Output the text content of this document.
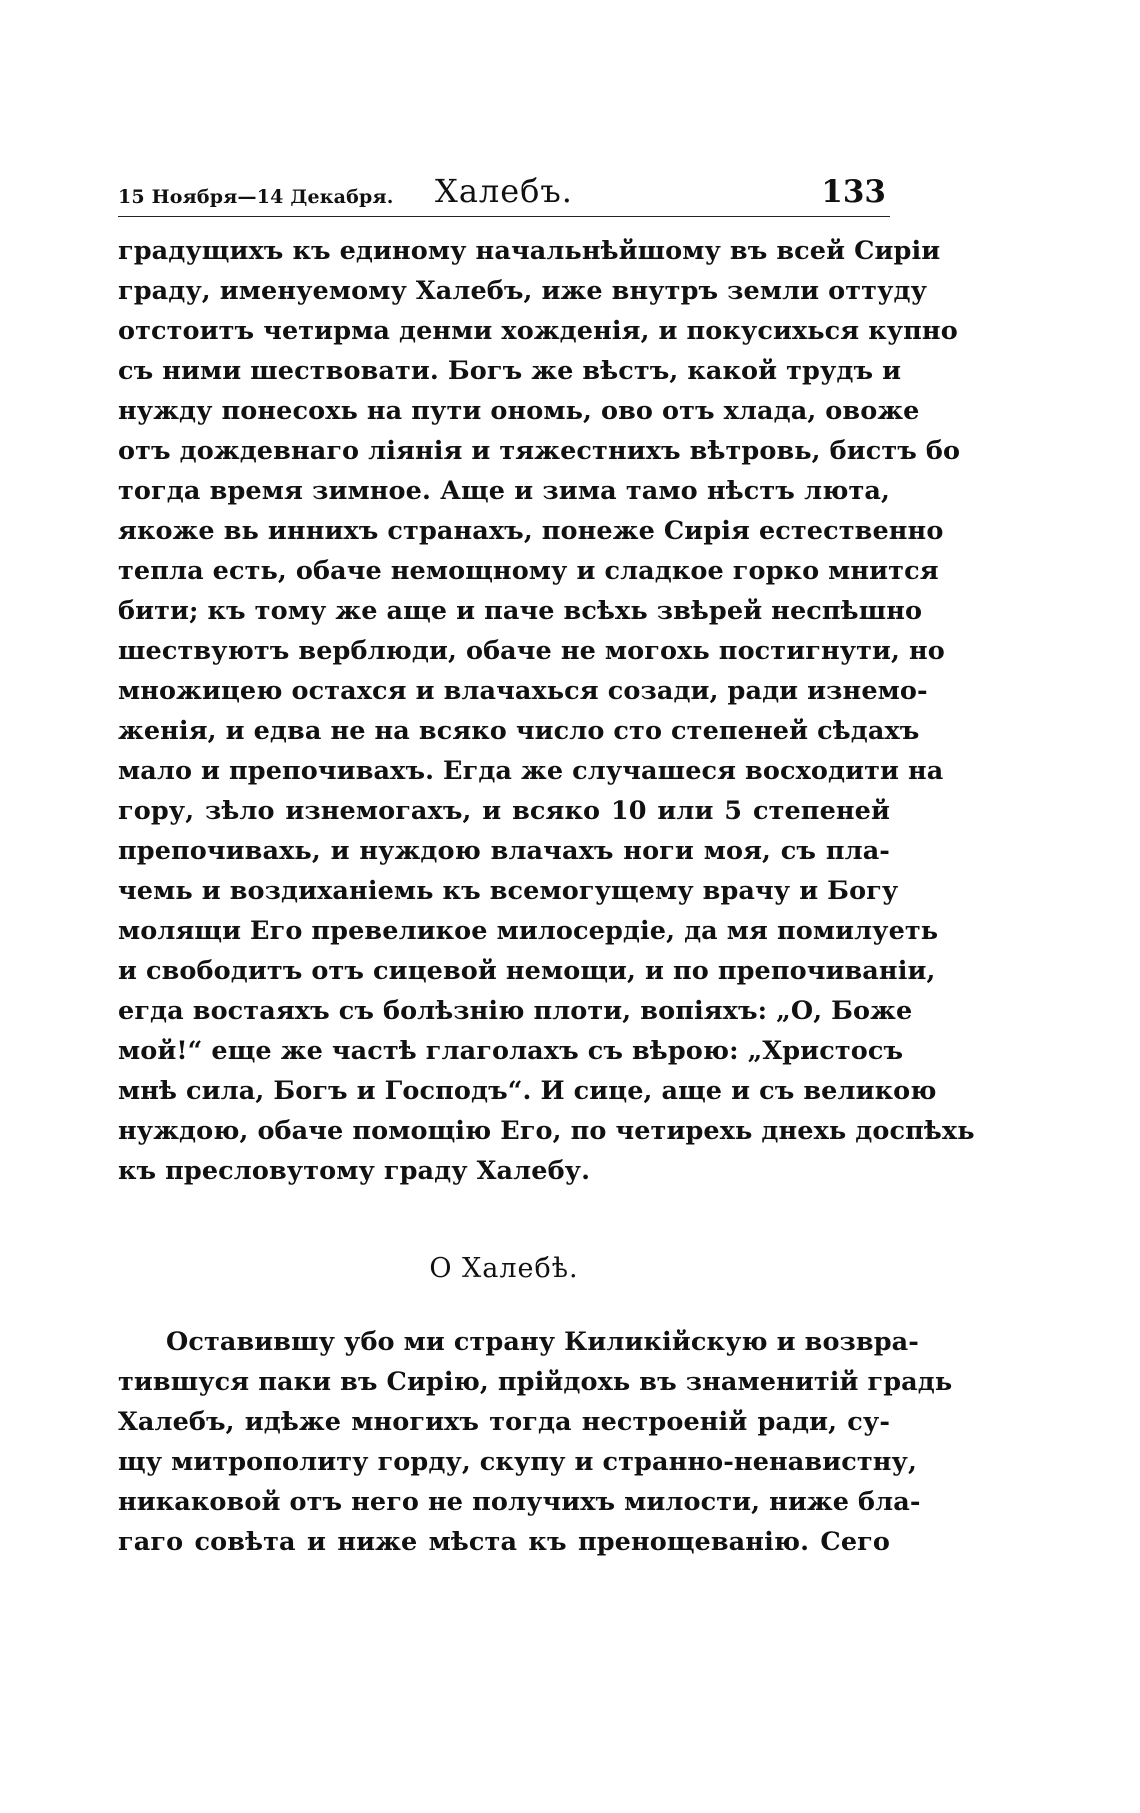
15 Ноября—14 Декабря.	Халебъ.	133
градущихъ къ единому начальнѣйшому въ всей Сиріи
граду, именуемому Халебъ, иже внутръ земли оттуду
отстоитъ четирма денми хожденія, и покусихься купно
съ ними шествовати. Богъ же вѣстъ, какой трудъ и
нужду понесохь на пути ономь, ово отъ хлада, овоже
отъ дождевнаго ліянія и тяжестнихъ вѣтровь, бистъ бо
тогда время зимное. Аще и зима тамо нѣстъ люта,
якоже вь иннихъ странахъ, понеже Сирія естественно
тепла есть, обаче немощному и сладкое горко мнится
бити; къ тому же аще и паче всѣхь звѣрей неспѣшно
шествуютъ верблюди, обаче не могохь постигнути, но
множицею остахся и влачахься созади, ради изнемо-
женія, и едва не на всяко число сто степеней сѣдахъ
мало и препочивахъ. Егда же случашеся восходити на
гору, зѣло изнемогахъ, и всяко 10 или 5 степеней
препочивахь, и нуждою влачахъ ноги моя, съ пла-
чемь и воздиханіемь къ всемогущему врачу и Богу
молящи Его превеликое милосердіе, да мя помилуеть
и свободитъ отъ сицевой немощи, и по препочиваніи,
егда востаяхъ съ болѣзнію плоти, вопіяхъ: „О, Боже
мой!“ еще же частѣ глаголахъ съ вѣрою: „Христосъ
мнѣ сила, Богъ и Господъ“. И сице, аще и съ великою
нуждою, обаче помощію Его, по четирехь днехь доспѣхь
къ пресловутому граду Халебу.
О Халебѣ.
Оставившу убо ми страну Киликійскую и возвра-
тившуся паки въ Сирію, прійдохь въ знаменитій градь
Халебъ, идѣже многихъ тогда нестроеній ради, су-
щу митрополиту горду, скупу и странно-ненавистну,
никаковой отъ него не получихъ милости, ниже бла-
гаго совѣта и ниже мѣста къ пренощеванію. Сего
